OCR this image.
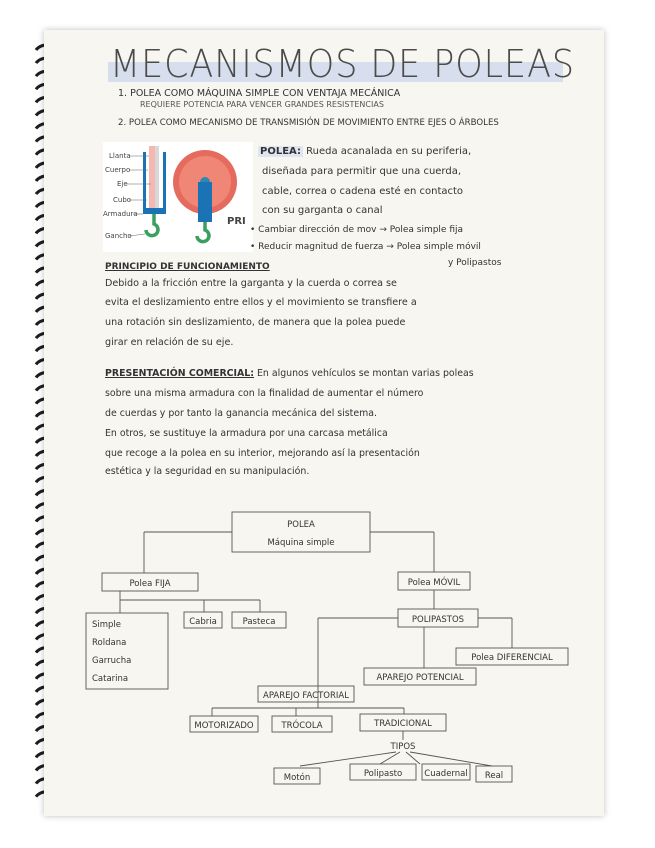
MECANISMOS DE POLEAS
1. POLEA COMO MÁQUINA SIMPLE CON VENTAJA MECÁNICA
REQUIERE POTENCIA PARA VENCER GRANDES RESISTENCIAS
2. POLEA COMO MECANISMO DE TRANSMISIÓN DE MOVIMIENTO ENTRE EJES O ÁRBOLES
Llanta
Cuerpo
Eje
Cubo
Armadura
Gancho
PRI
POLEA: Rueda acanalada en su periferia,
diseñada para permitir que una cuerda,
cable, correa o cadena esté en contacto
con su garganta o canal
• Cambiar dirección de mov → Polea simple fija
• Reducir magnitud de fuerza → Polea simple móvil
y Polipastos
PRINCIPIO DE FUNCIONAMIENTO
Debido a la fricción entre la garganta y la cuerda o correa se
evita el deslizamiento entre ellos y el movimiento se transfiere a
una rotación sin deslizamiento, de manera que la polea puede
girar en relación de su eje.
PRESENTACIÓN COMERCIAL: En algunos vehículos se montan varias poleas
sobre una misma armadura con la finalidad de aumentar el número
de cuerdas y por tanto la ganancia mecánica del sistema.
En otros, se sustituye la armadura por una carcasa metálica
que recoge a la polea en su interior, mejorando así la presentación
estética y la seguridad en su manipulación.
POLEA
Máquina simple
Polea FIJA
Simple
Roldana
Garrucha
Catarina
Cabria	Pasteca
Polea MÓVIL
POLIPASTOS
Polea DIFERENCIAL
APAREJO POTENCIAL
APAREJO FACTORIAL
MOTORIZADO	TRÓCOLA	TRADICIONAL
TIPOS
Motón	Polipasto	Cuadernal Real
